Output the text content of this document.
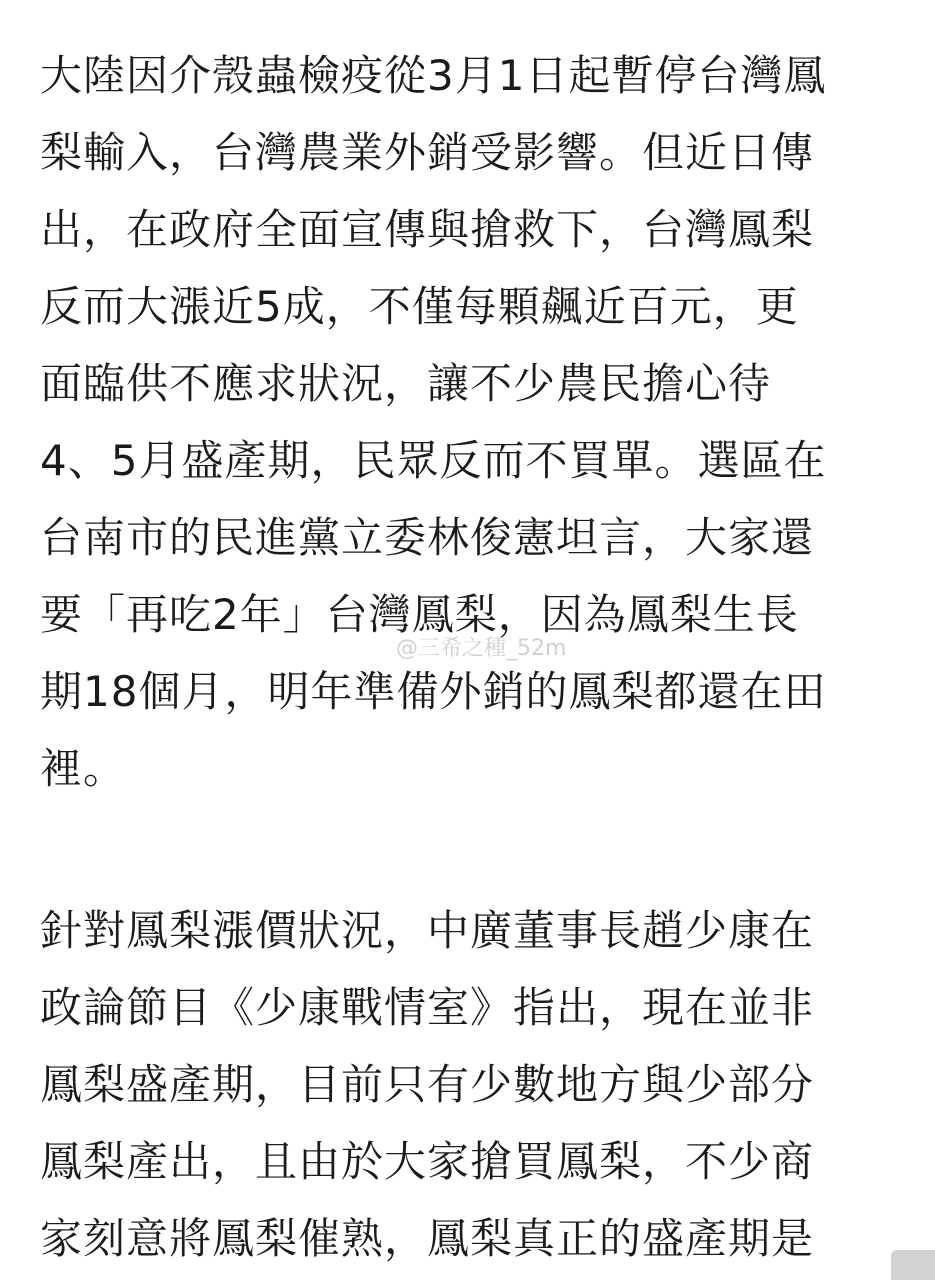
大陸因介殼蟲檢疫從3月1日起暫停台灣鳳
梨輸入，台灣農業外銷受影響。但近日傳
出，在政府全面宣傳與搶救下，台灣鳳梨
反而大漲近5成，不僅每顆飆近百元，更
面臨供不應求狀況，讓不少農民擔心待
4、5月盛產期，民眾反而不買單。選區在
台南市的民進黨立委林俊憲坦言，大家還
要「再吃2年」台灣鳳梨，因為鳳梨生長
期18個月，明年準備外銷的鳳梨都還在田
裡。

針對鳳梨漲價狀況，中廣董事長趙少康在
政論節目《少康戰情室》指出，現在並非
鳳梨盛產期，目前只有少數地方與少部分
鳳梨產出，且由於大家搶買鳳梨，不少商
家刻意將鳳梨催熟，鳳梨真正的盛產期是

@三希之種_52m
